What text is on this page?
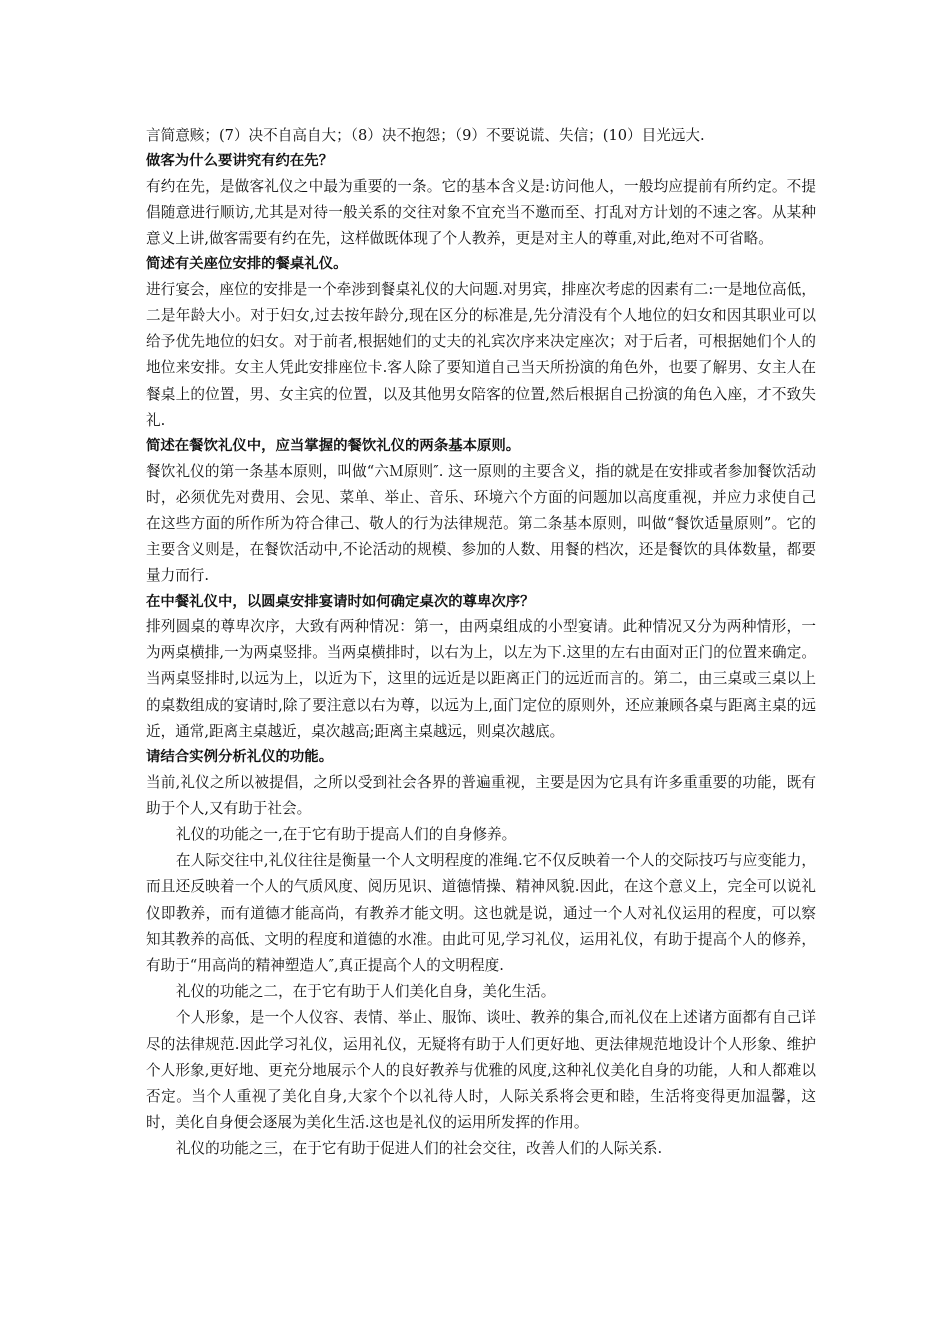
言简意赅；(7）决不自高自大；（8）决不抱怨；（9）不要说谎、失信；(10）目光远大.

做客为什么要讲究有约在先？

有约在先，是做客礼仪之中最为重要的一条。它的基本含义是:访问他人，一般均应提前有所约定。不提倡随意进行顺访,尤其是对待一般关系的交往对象不宜充当不邀而至、打乱对方计划的不速之客。从某种意义上讲,做客需要有约在先，这样做既体现了个人教养，更是对主人的尊重,对此,绝对不可省略。

简述有关座位安排的餐桌礼仪。

进行宴会，座位的安排是一个牵涉到餐桌礼仪的大问题.对男宾，排座次考虑的因素有二:一是地位高低，二是年龄大小。对于妇女,过去按年龄分,现在区分的标准是,先分清没有个人地位的妇女和因其职业可以给予优先地位的妇女。对于前者,根据她们的丈夫的礼宾次序来决定座次；对于后者，可根据她们个人的地位来安排。女主人凭此安排座位卡.客人除了要知道自己当天所扮演的角色外，也要了解男、女主人在餐桌上的位置，男、女主宾的位置，以及其他男女陪客的位置,然后根据自己扮演的角色入座，才不致失礼.

简述在餐饮礼仪中，应当掌握的餐饮礼仪的两条基本原则。

餐饮礼仪的第一条基本原则，叫做“六Ｍ原则″. 这一原则的主要含义，指的就是在安排或者参加餐饮活动时，必须优先对费用、会见、菜单、举止、音乐、环境六个方面的问题加以高度重视，并应力求使自己在这些方面的所作所为符合律己、敬人的行为法律规范。第二条基本原则，叫做“餐饮适量原则”。它的主要含义则是，在餐饮活动中,不论活动的规模、参加的人数、用餐的档次，还是餐饮的具体数量，都要量力而行.

在中餐礼仪中，以圆桌安排宴请时如何确定桌次的尊卑次序？

排列圆桌的尊卑次序，大致有两种情况：第一，由两桌组成的小型宴请。此种情况又分为两种情形，一为两桌横排,一为两桌竖排。当两桌横排时，以右为上，以左为下.这里的左右由面对正门的位置来确定。当两桌竖排时,以远为上，以近为下，这里的远近是以距离正门的远近而言的。第二，由三桌或三桌以上的桌数组成的宴请时,除了要注意以右为尊，以远为上,面门定位的原则外，还应兼顾各桌与距离主桌的远近，通常,距离主桌越近，桌次越高;距离主桌越远，则桌次越底。

请结合实例分析礼仪的功能。

当前,礼仪之所以被提倡，之所以受到社会各界的普遍重视，主要是因为它具有许多重重要的功能，既有助于个人,又有助于社会。

礼仪的功能之一,在于它有助于提高人们的自身修养。

在人际交往中,礼仪往往是衡量一个人文明程度的准绳.它不仅反映着一个人的交际技巧与应变能力，而且还反映着一个人的气质风度、阅历见识、道德情操、精神风貌.因此，在这个意义上，完全可以说礼仪即教养，而有道德才能高尚，有教养才能文明。这也就是说，通过一个人对礼仪运用的程度，可以察知其教养的高低、文明的程度和道德的水准。由此可见,学习礼仪，运用礼仪，有助于提高个人的修养，有助于“用高尚的精神塑造人″,真正提高个人的文明程度.

礼仪的功能之二，在于它有助于人们美化自身，美化生活。

个人形象，是一个人仪容、表情、举止、服饰、谈吐、教养的集合,而礼仪在上述诸方面都有自己详尽的法律规范.因此学习礼仪，运用礼仪，无疑将有助于人们更好地、更法律规范地设计个人形象、维护个人形象,更好地、更充分地展示个人的良好教养与优雅的风度,这种礼仪美化自身的功能，人和人都难以否定。当个人重视了美化自身,大家个个以礼待人时，人际关系将会更和睦，生活将变得更加温馨，这时，美化自身便会逐展为美化生活.这也是礼仪的运用所发挥的作用。

礼仪的功能之三，在于它有助于促进人们的社会交往，改善人们的人际关系.
